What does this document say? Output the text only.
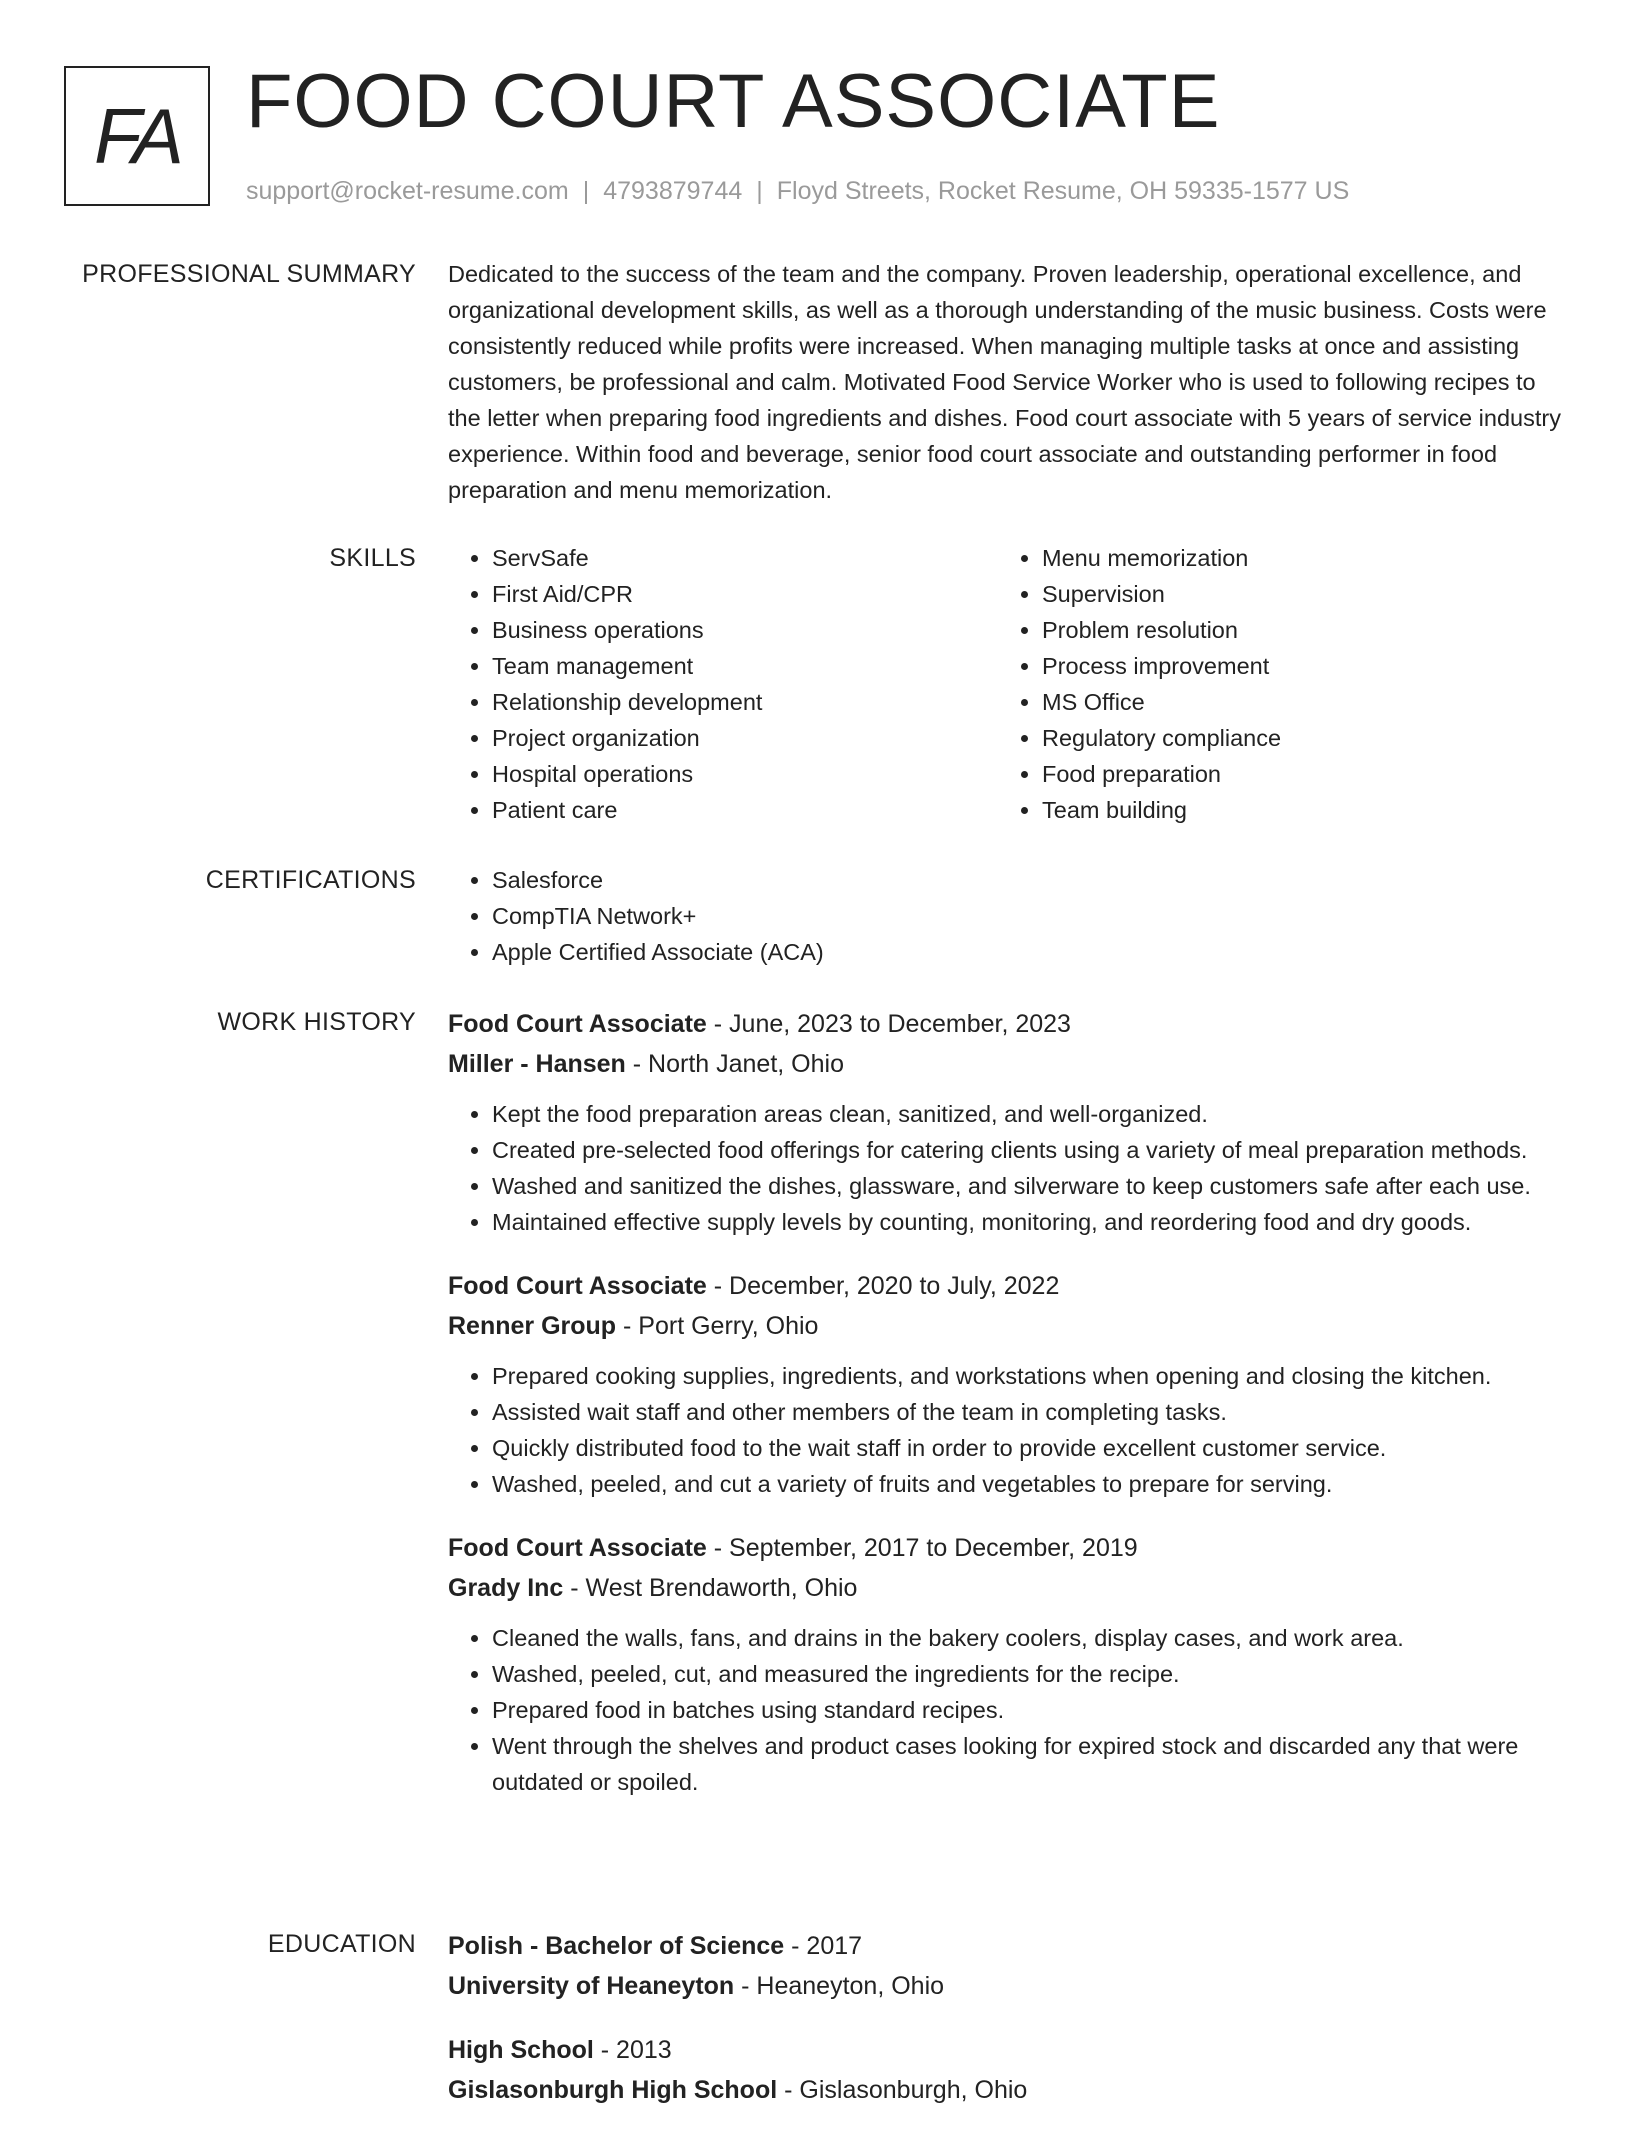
FA FOOD COURT ASSOCIATE
support@rocket-resume.com | 4793879744 | Floyd Streets, Rocket Resume, OH 59335-1577 US
PROFESSIONAL SUMMARY Dedicated to the success of the team and the company. Proven leadership, operational excellence, and organizational development skills, as well as a thorough understanding of the music business. Costs were consistently reduced while profits were increased. When managing multiple tasks at once and assisting customers, be professional and calm. Motivated Food Service Worker who is used to following recipes to the letter when preparing food ingredients and dishes. Food court associate with 5 years of service industry experience. Within food and beverage, senior food court associate and outstanding performer in food preparation and menu memorization.

SKILLS	• ServSafe
• First Aid/CPR
• Business operations
• Team management
• Relationship development
• Project organization
• Hospital operations
• Patient care
• Menu memorization
• Supervision
• Problem resolution
• Process improvement
• MS Office
• Regulatory compliance
• Food preparation
• Team building
CERTIFICATIONS	• Salesforce
• CompTIA Network+
• Apple Certified Associate (ACA)
WORK HISTORY Food Court Associate - June, 2023 to December, 2023
Miller - Hansen - North Janet, Ohio
• Kept the food preparation areas clean, sanitized, and well-organized.
• Created pre-selected food offerings for catering clients using a variety of meal preparation methods.
• Washed and sanitized the dishes, glassware, and silverware to keep customers safe after each use.
• Maintained effective supply levels by counting, monitoring, and reordering food and dry goods.
Food Court Associate - December, 2020 to July, 2022
Renner Group - Port Gerry, Ohio
• Prepared cooking supplies, ingredients, and workstations when opening and closing the kitchen.
• Assisted wait staff and other members of the team in completing tasks.
• Quickly distributed food to the wait staff in order to provide excellent customer service.
• Washed, peeled, and cut a variety of fruits and vegetables to prepare for serving.
Food Court Associate - September, 2017 to December, 2019
Grady Inc - West Brendaworth, Ohio
• Cleaned the walls, fans, and drains in the bakery coolers, display cases, and work area.
• Washed, peeled, cut, and measured the ingredients for the recipe.
• Prepared food in batches using standard recipes.
• Went through the shelves and product cases looking for expired stock and discarded any that were outdated or spoiled.
EDUCATION Polish - Bachelor of Science - 2017
University of Heaneyton - Heaneyton, Ohio
High School - 2013
Gislasonburgh High School - Gislasonburgh, Ohio
